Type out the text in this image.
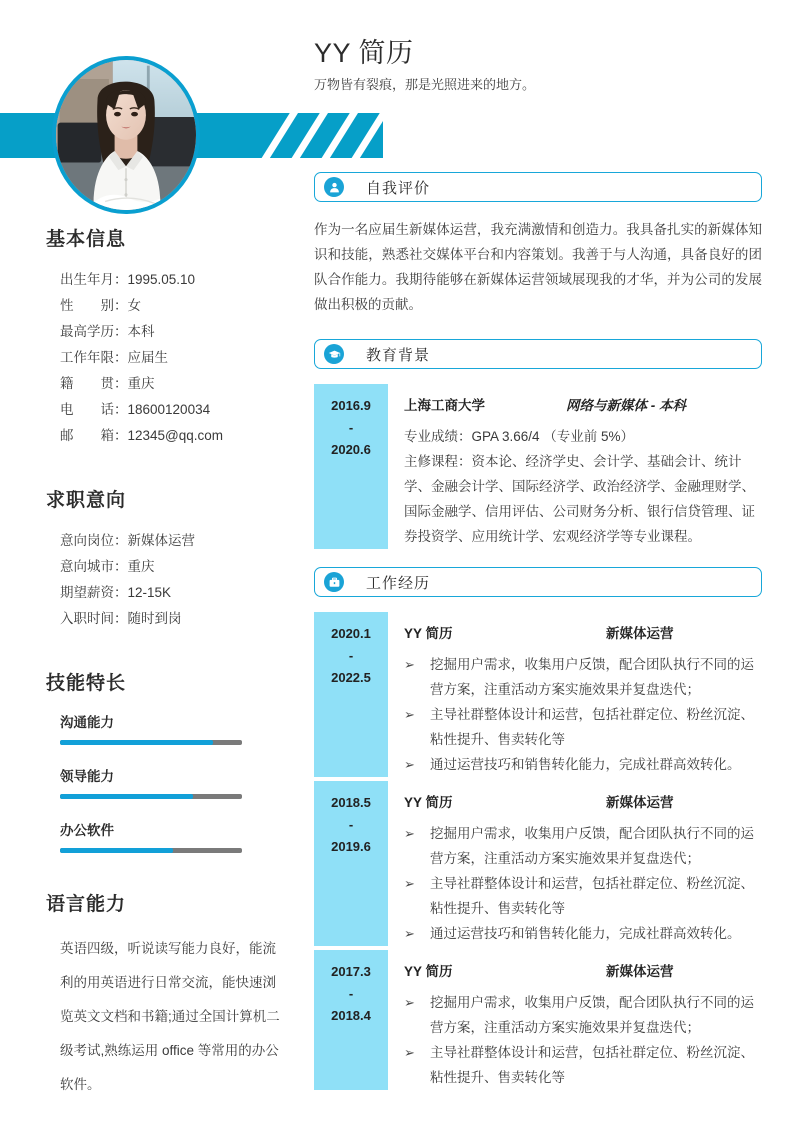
YY 简历
万物皆有裂痕，那是光照进来的地方。
基本信息
出生年月：1995.05.10
性　　别：女
最高学历：本科
工作年限：应届生
籍　　贯：重庆
电　　话：18600120034
邮　　箱：12345@qq.com
求职意向
意向岗位：新媒体运营
意向城市：重庆
期望薪资：12-15K
入职时间：随时到岗
技能特长
沟通能力
领导能力
办公软件
语言能力
英语四级，听说读写能力良好，能流利的用英语进行日常交流，能快速浏览英文文档和书籍;通过全国计算机二级考试,熟练运用 office 等常用的办公软件。
自我评价
作为一名应届生新媒体运营，我充满激情和创造力。我具备扎实的新媒体知识和技能，熟悉社交媒体平台和内容策划。我善于与人沟通，具备良好的团队合作能力。我期待能够在新媒体运营领域展现我的才华，并为公司的发展做出积极的贡献。
教育背景
2016.9
-
2020.6
上海工商大学	网络与新媒体 - 本科
专业成绩：GPA 3.66/4 （专业前 5%）
主修课程：资本论、经济学史、会计学、基础会计、统计学、金融会计学、国际经济学、政治经济学、金融理财学、国际金融学、信用评估、公司财务分析、银行信贷管理、证券投资学、应用统计学、宏观经济学等专业课程。
工作经历
2020.1
-
2022.5
YY 简历	新媒体运营
➢ 挖掘用户需求，收集用户反馈，配合团队执行不同的运营方案，注重活动方案实施效果并复盘迭代；
➢ 主导社群整体设计和运营，包括社群定位、粉丝沉淀、粘性提升、售卖转化等
➢ 通过运营技巧和销售转化能力，完成社群高效转化。
2018.5
-
2019.6
YY 简历	新媒体运营
➢ 挖掘用户需求，收集用户反馈，配合团队执行不同的运营方案，注重活动方案实施效果并复盘迭代；
➢ 主导社群整体设计和运营，包括社群定位、粉丝沉淀、粘性提升、售卖转化等
➢ 通过运营技巧和销售转化能力，完成社群高效转化。
2017.3
-
2018.4
YY 简历	新媒体运营
➢ 挖掘用户需求，收集用户反馈，配合团队执行不同的运营方案，注重活动方案实施效果并复盘迭代；
➢ 主导社群整体设计和运营，包括社群定位、粉丝沉淀、粘性提升、售卖转化等
